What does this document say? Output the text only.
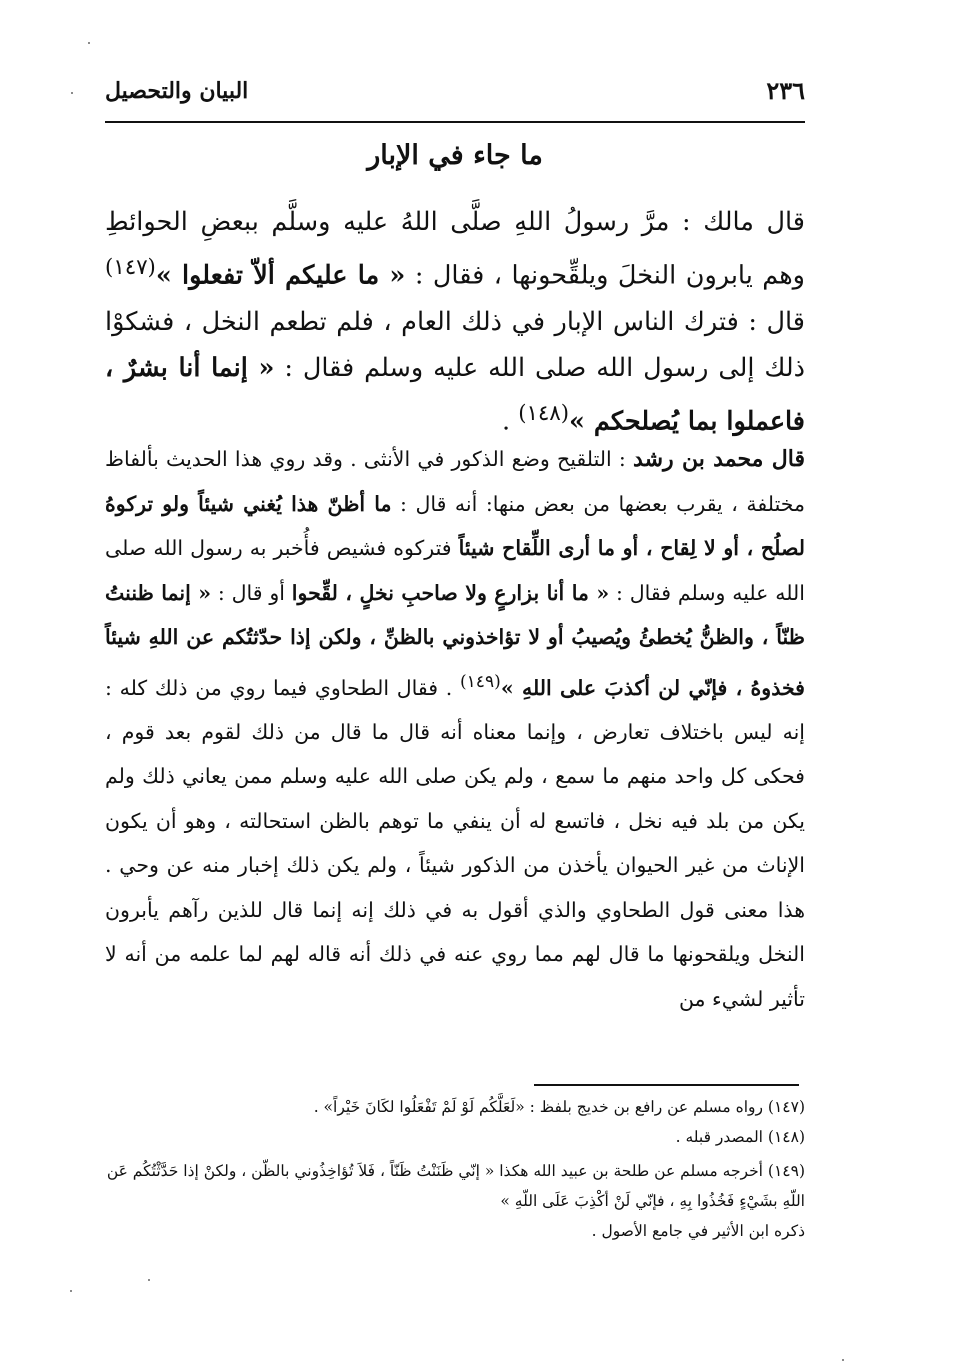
٢٣٦
البيان والتحصيل
ما جاء في الإبار
قال مالك : مرَّ رسولُ اللهِ صلَّى اللهُ عليه وسلَّم ببعضِ الحوائطِ وهم يابرون النخلَ ويلقِّحونها ، فقال : « ما عليكم ألاّ تفعلوا »$^{(١٤٧)}$ قال : فترك الناس الإبار في ذلك العام ، فلم تطعم النخل ، فشكوْا ذلك إلى رسول الله صلى الله عليه وسلم فقال : « إنما أنا بشرٌ ، فاعملوا بما يُصلحكم »$^{(١٤٨)}$ .
قال محمد بن رشد : التلقيح وضع الذكور في الأنثى . وقد روي هذا الحديث بألفاظ مختلفة ، يقرب بعضها من بعض منها: أنه قال : ما أظنّ هذا يُغني شيئاً ولو تركوهُ لصلُح ، أو لا لِقاح ، أو ما أرى اللِّقاح شيئاً فتركوه فشيص فأُخبر به رسول الله صلى الله عليه وسلم فقال : « ما أنا بزارعٍ ولا صاحبِ نخلٍ ، لقِّحوا أو قال : « إنما ظننتُ ظنّاً ، والظنُّ يُخطئُ ويُصيبُ أو لا تؤاخذوني بالظنِّ ، ولكن إذا حدّثتُكم عن اللهِ شيئاً فخذوهُ ، فإنّي لن أكذبَ على اللهِ »$^{(١٤٩)}$ . فقال الطحاوي فيما روي من ذلك كله : إنه ليس باختلاف تعارض ، وإنما معناه أنه قال ما قال من ذلك لقوم بعد قوم ، فحكى كل واحد منهم ما سمع ، ولم يكن صلى الله عليه وسلم ممن يعاني ذلك ولم يكن من بلد فيه نخل ، فاتسع له أن ينفي ما توهم بالظن استحالته ، وهو أن يكون الإناث من غير الحيوان يأخذن من الذكور شيئاً ، ولم يكن ذلك إخبار منه عن وحي . هذا معنى قول الطحاوي والذي أقول به في ذلك إنه إنما قال للذين رآهم يأبرون النخل ويلقحونها ما قال لهم مما روي عنه في ذلك أنه قاله لهم لما علمه من أنه لا تأثير لشيء من

(١٤٧) رواه مسلم عن رافع بن خديج بلفظ : «لَعَلَّكُم لَوْ لَمْ تَفْعَلُوا لكَانَ خَيْراً» .

(١٤٨) المصدر قبله .

(١٤٩) أخرجه مسلم عن طلحة بن عبيد الله هكذا « إنّي ظَنَنْتُ ظَنّاً ، فَلاَ تُؤاخِذُوني بالظّن ، ولكنْ إذا حَدَّثْتُكُم عَن اللّهِ بشَيْءٍ فَخُذُوا بِهِ ، فإنّي لَنْ أكْذِبَ عَلَى اللّهِ »

ذكره ابن الأثير في جامع الأصول .
